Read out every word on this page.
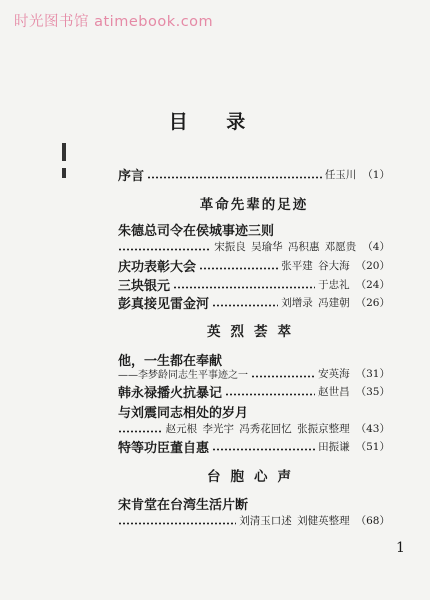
时光图书馆 atimebook.com
目 录
序言	任玉川 （1）
革命先辈的足迹
朱德总司令在侯城事迹三则
宋振良 吴瑜华 冯积惠 邓愿贵 （4）
庆功表彰大会	张平建 谷大海 （20）
三块银元	于忠礼 （24）
彭真接见雷金河	刘增录 冯建朝 （26）
英烈荟萃
他，一生都在奉献
——李梦龄同志生平事迹之一	安英海 （31）
韩永禄播火抗暴记	赵世昌 （35）
与刘震同志相处的岁月
赵元根 李光宇 冯秀花回忆 张振京整理 （43）
特等功臣董自惠	田振谦 （51）
台胞心声
宋肯堂在台湾生活片断
刘清玉口述 刘健英整理 （68）
1
